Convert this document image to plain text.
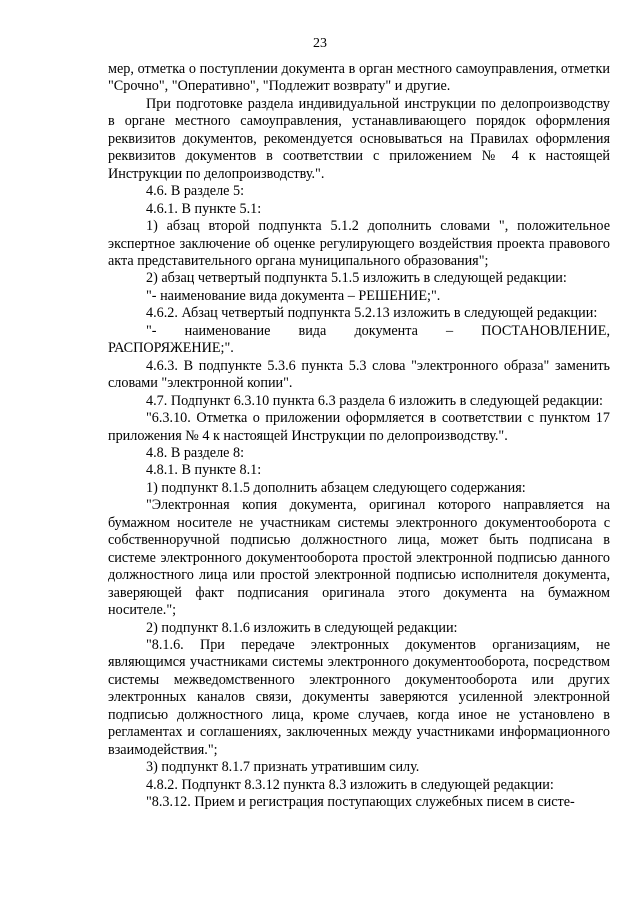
23

мер, отметка о поступлении документа в орган местного самоуправления, отметки "Срочно", "Оперативно", "Подлежит возврату" и другие.

При подготовке раздела индивидуальной инструкции по делопроизводству в органе местного самоуправления, устанавливающего порядок оформления реквизитов документов, рекомендуется основываться на Правилах оформления реквизитов документов в соответствии с приложением № 4 к настоящей Инструкции по делопроизводству.".

4.6. В разделе 5:

4.6.1. В пункте 5.1:

1) абзац второй подпункта 5.1.2 дополнить словами ", положительное экспертное заключение об оценке регулирующего воздействия проекта правового акта представительного органа муниципального образования";

2) абзац четвертый подпункта 5.1.5 изложить в следующей редакции:

"- наименование вида документа – РЕШЕНИЕ;".

4.6.2. Абзац четвертый подпункта 5.2.13 изложить в следующей редакции:

"- наименование вида документа – ПОСТАНОВЛЕНИЕ, РАСПОРЯЖЕНИЕ;".

4.6.3. В подпункте 5.3.6 пункта 5.3 слова "электронного образа" заменить словами "электронной копии".

4.7. Подпункт 6.3.10 пункта 6.3 раздела 6 изложить в следующей редакции:

"6.3.10. Отметка о приложении оформляется в соответствии с пунктом 17 приложения № 4 к настоящей Инструкции по делопроизводству.".

4.8. В разделе 8:

4.8.1. В пункте 8.1:

1) подпункт 8.1.5 дополнить абзацем следующего содержания:

"Электронная копия документа, оригинал которого направляется на бумажном носителе не участникам системы электронного документооборота с собственноручной подписью должностного лица, может быть подписана в системе электронного документооборота простой электронной подписью данного должностного лица или простой электронной подписью исполнителя документа, заверяющей факт подписания оригинала этого документа на бумажном носителе.";

2) подпункт 8.1.6 изложить в следующей редакции:

"8.1.6. При передаче электронных документов организациям, не являющимся участниками системы электронного документооборота, посредством системы межведомственного электронного документооборота или других электронных каналов связи, документы заверяются усиленной электронной подписью должностного лица, кроме случаев, когда иное не установлено в регламентах и соглашениях, заключенных между участниками информационного взаимодействия.";

3) подпункт 8.1.7 признать утратившим силу.

4.8.2. Подпункт 8.3.12 пункта 8.3 изложить в следующей редакции:

"8.3.12. Прием и регистрация поступающих служебных писем в систе-
